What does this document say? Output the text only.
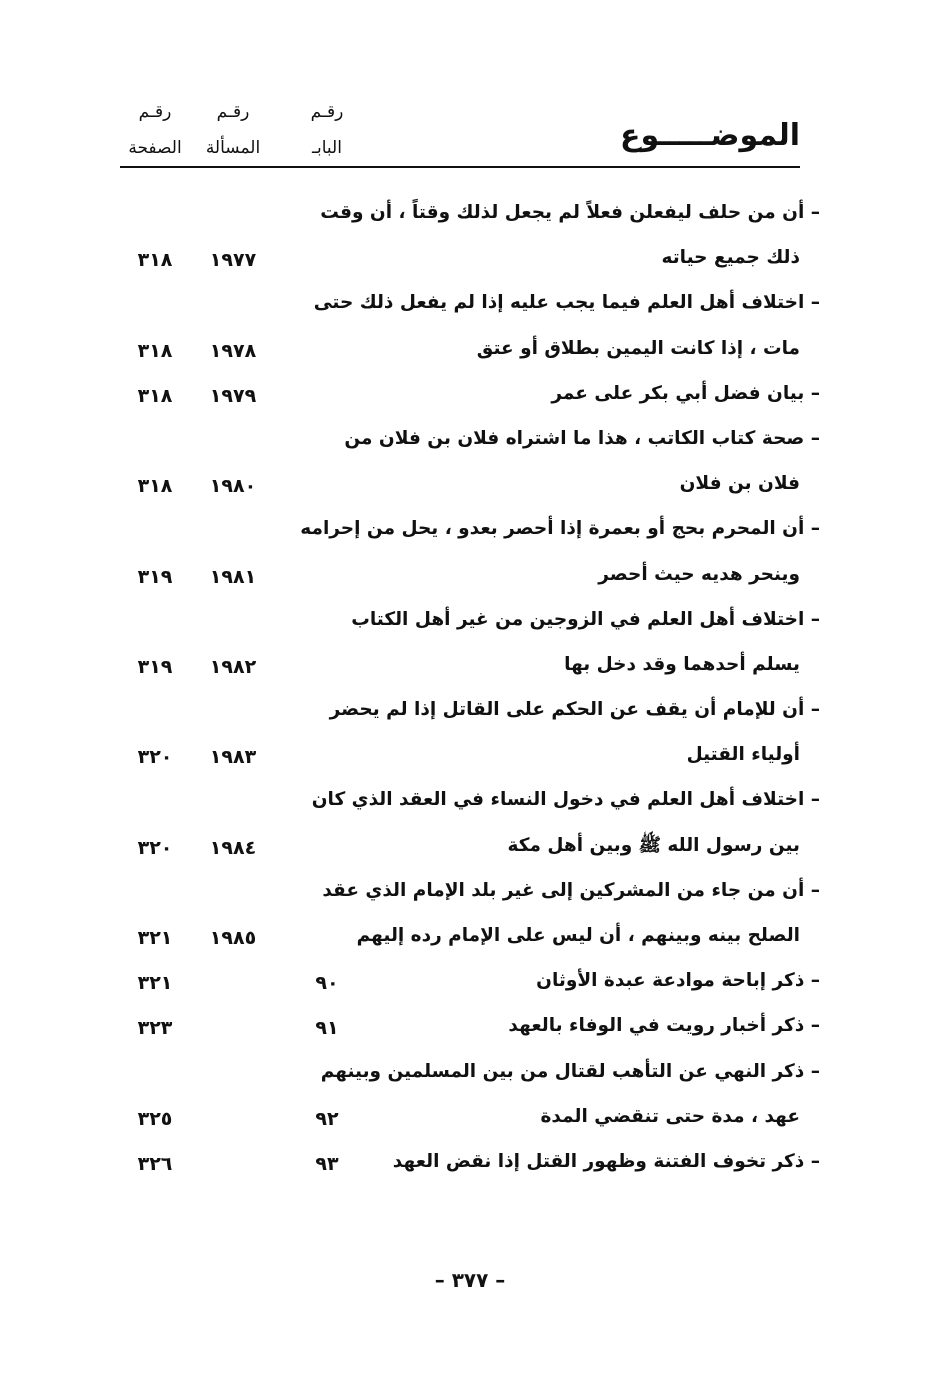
الموضـــــوع
رقـم
البابـ
رقـم
المسألة
رقـم
الصفحة
– أن من حلف ليفعلن فعلاً لم يجعل لذلك وقتاً ، أن وقت
ذلك جميع حياته
١٩٧٧
٣١٨
– اختلاف أهل العلم فيما يجب عليه إذا لم يفعل ذلك حتى
مات ، إذا كانت اليمين بطلاق أو عتق
١٩٧٨
٣١٨
– بيان فضل أبي بكر على عمر
١٩٧٩
٣١٨
– صحة كتاب الكاتب ، هذا ما اشتراه فلان بن فلان من
فلان بن فلان
١٩٨٠
٣١٨
– أن المحرم بحج أو بعمرة إذا أحصر بعدو ، يحل من إحرامه
وينحر هديه حيث أحصر
١٩٨١
٣١٩
– اختلاف أهل العلم في الزوجين من غير أهل الكتاب
يسلم أحدهما وقد دخل بها
١٩٨٢
٣١٩
– أن للإمام أن يقف عن الحكم على القاتل إذا لم يحضر
أولياء القتيل
١٩٨٣
٣٢٠
– اختلاف أهل العلم في دخول النساء في العقد الذي كان
بين رسول الله ﷺ وبين أهل مكة
١٩٨٤
٣٢٠
– أن من جاء من المشركين إلى غير بلد الإمام الذي عقد
الصلح بينه وبينهم ، أن ليس على الإمام رده إليهم
١٩٨٥
٣٢١
– ذكر إباحة موادعة عبدة الأوثان
٩٠
٣٢١
– ذكر أخبار رويت في الوفاء بالعهد
٩١
٣٢٣
– ذكر النهي عن التأهب لقتال من بين المسلمين وبينهم
عهد ، مدة حتى تنقضي المدة
٩٢
٣٢٥
– ذكر تخوف الفتنة وظهور القتل إذا نقض العهد
٩٣
٣٢٦
– ٣٧٧ –
